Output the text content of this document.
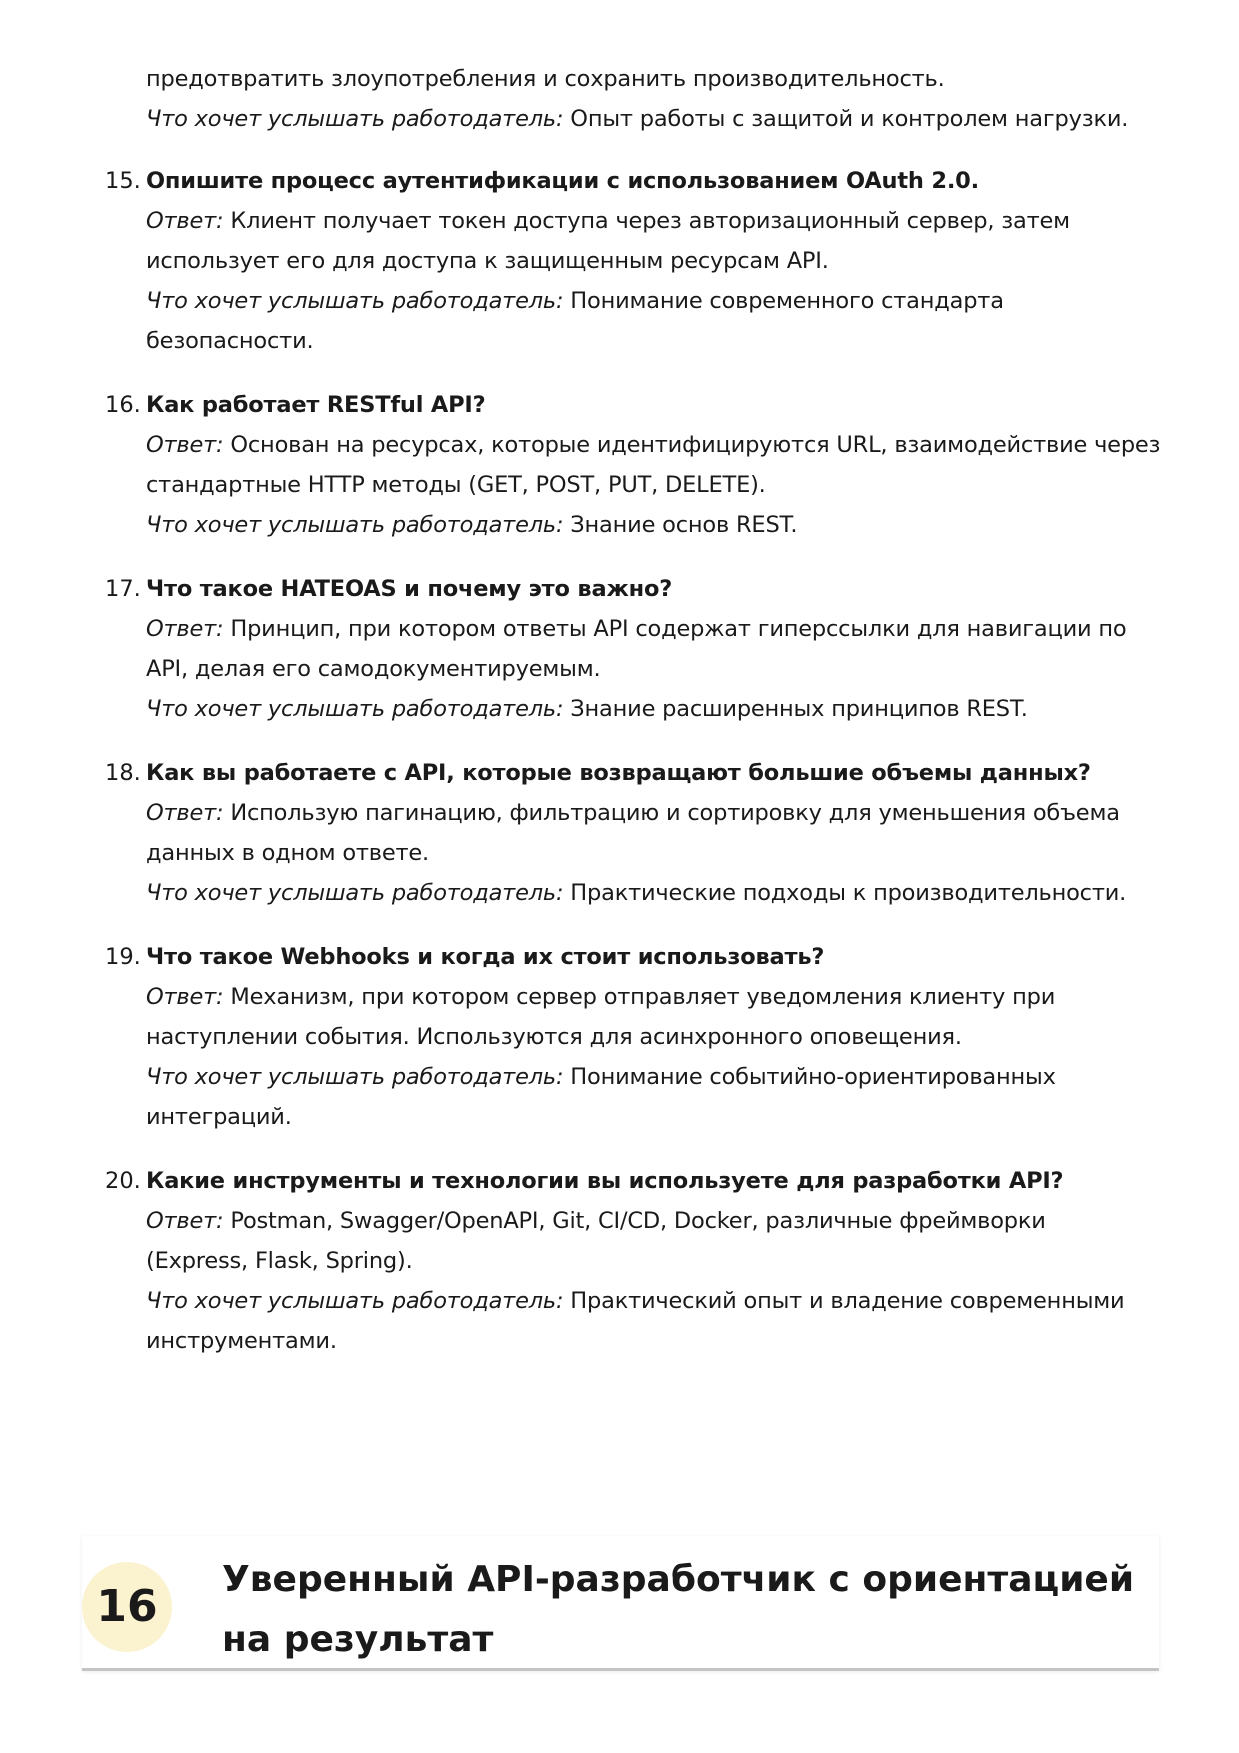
предотвратить злоупотребления и сохранить производительность.

Что хочет услышать работодатель: Опыт работы с защитой и контролем нагрузки.

15. Опишите процесс аутентификации с использованием OAuth 2.0.

Ответ: Клиент получает токен доступа через авторизационный сервер, затем

использует его для доступа к защищенным ресурсам API.

Что хочет услышать работодатель: Понимание современного стандарта

безопасности.

16. Как работает RESTful API?

Ответ: Основан на ресурсах, которые идентифицируются URL, взаимодействие через

стандартные HTTP методы (GET, POST, PUT, DELETE).

Что хочет услышать работодатель: Знание основ REST.

17. Что такое HATEOAS и почему это важно?

Ответ: Принцип, при котором ответы API содержат гиперссылки для навигации по

API, делая его самодокументируемым.

Что хочет услышать работодатель: Знание расширенных принципов REST.

18. Как вы работаете с API, которые возвращают большие объемы данных?

Ответ: Использую пагинацию, фильтрацию и сортировку для уменьшения объема

данных в одном ответе.

Что хочет услышать работодатель: Практические подходы к производительности.

19. Что такое Webhooks и когда их стоит использовать?

Ответ: Механизм, при котором сервер отправляет уведомления клиенту при

наступлении события. Используются для асинхронного оповещения.

Что хочет услышать работодатель: Понимание событийно-ориентированных

интеграций.

20. Какие инструменты и технологии вы используете для разработки API?

Ответ: Postman, Swagger/OpenAPI, Git, CI/CD, Docker, различные фреймворки

(Express, Flask, Spring).

Что хочет услышать работодатель: Практический опыт и владение современными

инструментами.

16
Уверенный API-разработчик с ориентацией на результат
